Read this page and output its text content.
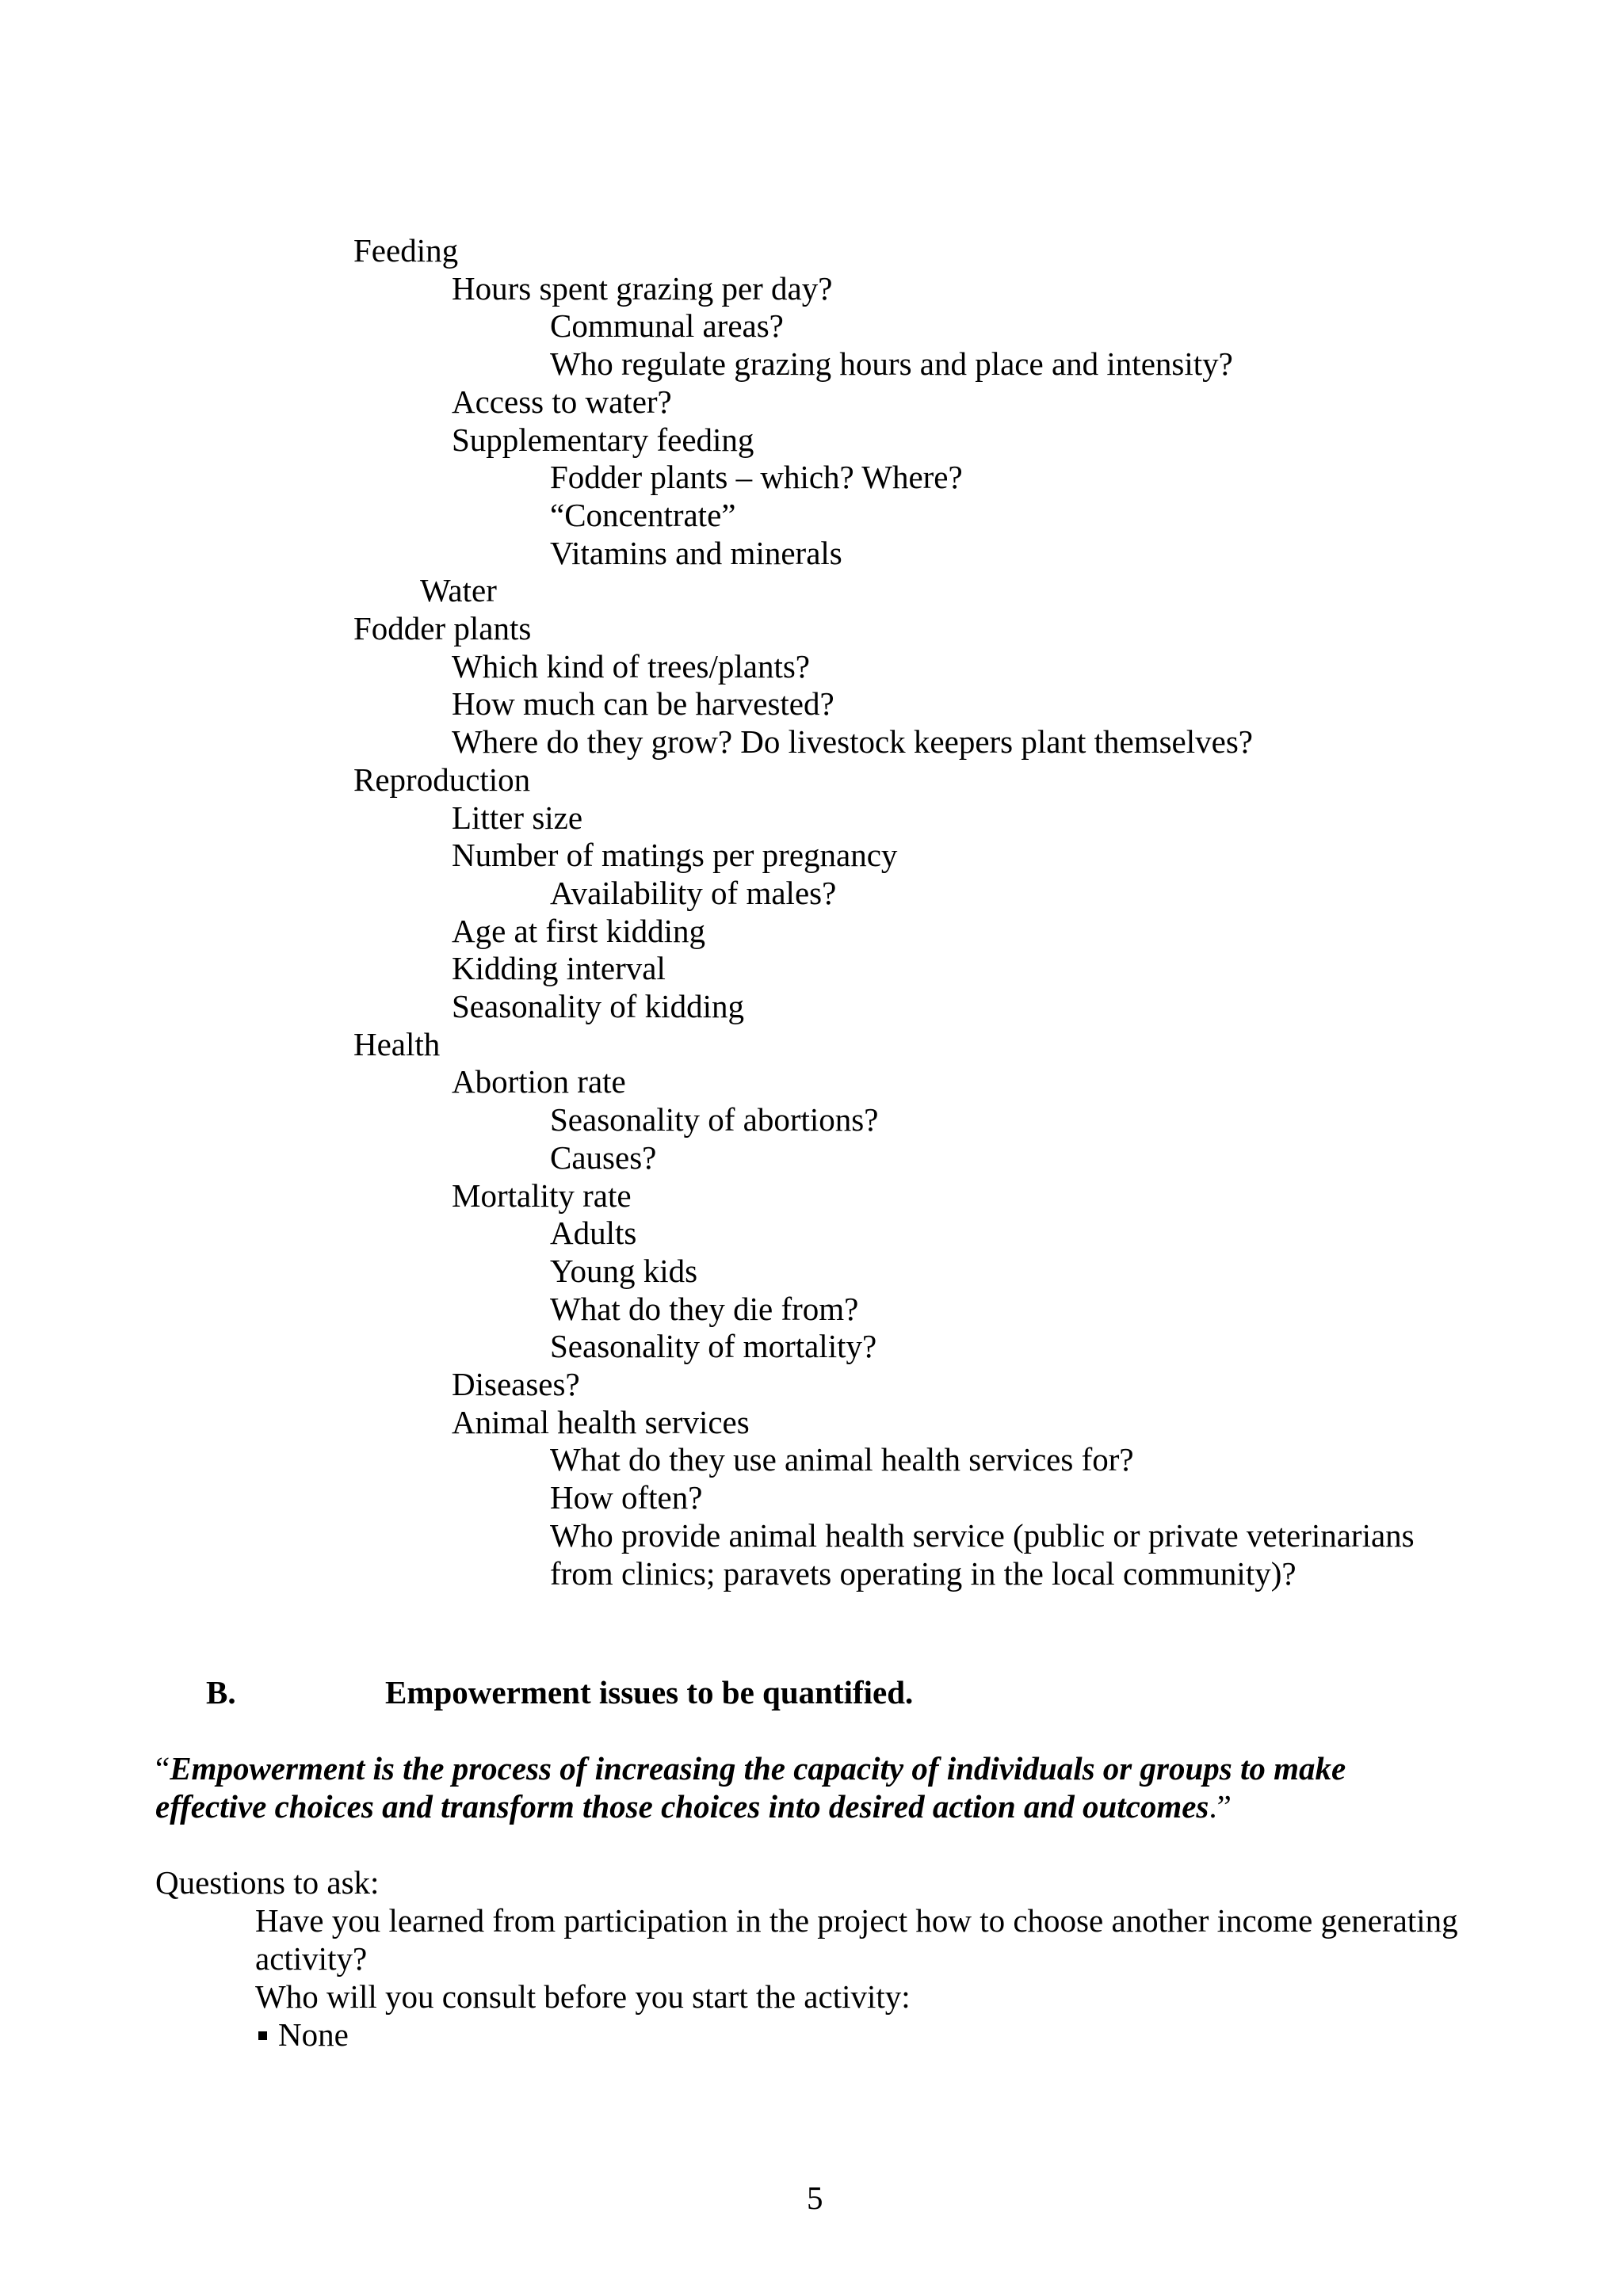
Feeding
Hours spent grazing per day?
Communal areas?
Who regulate grazing hours and place and intensity?
Access to water?
Supplementary feeding
Fodder plants – which? Where?
“Concentrate”
Vitamins and minerals
Water
Fodder plants
Which kind of trees/plants?
How much can be harvested?
Where do they grow? Do livestock keepers plant themselves?
Reproduction
Litter size
Number of matings per pregnancy
Availability of males?
Age at first kidding
Kidding interval
Seasonality of kidding
Health
Abortion rate
Seasonality of abortions?
Causes?
Mortality rate
Adults
Young kids
What do they die from?
Seasonality of mortality?
Diseases?
Animal health services
What do they use animal health services for?
How often?
Who provide animal health service (public or private veterinarians
from clinics; paravets operating in the local community)?
B.	Empowerment issues to be quantified.
“Empowerment is the process of increasing the capacity of individuals or groups to make
effective choices and transform those choices into desired action and outcomes.”
Questions to ask:
Have you learned from participation in the project how to choose another income generating
activity?
Who will you consult before you start the activity:
None
5
